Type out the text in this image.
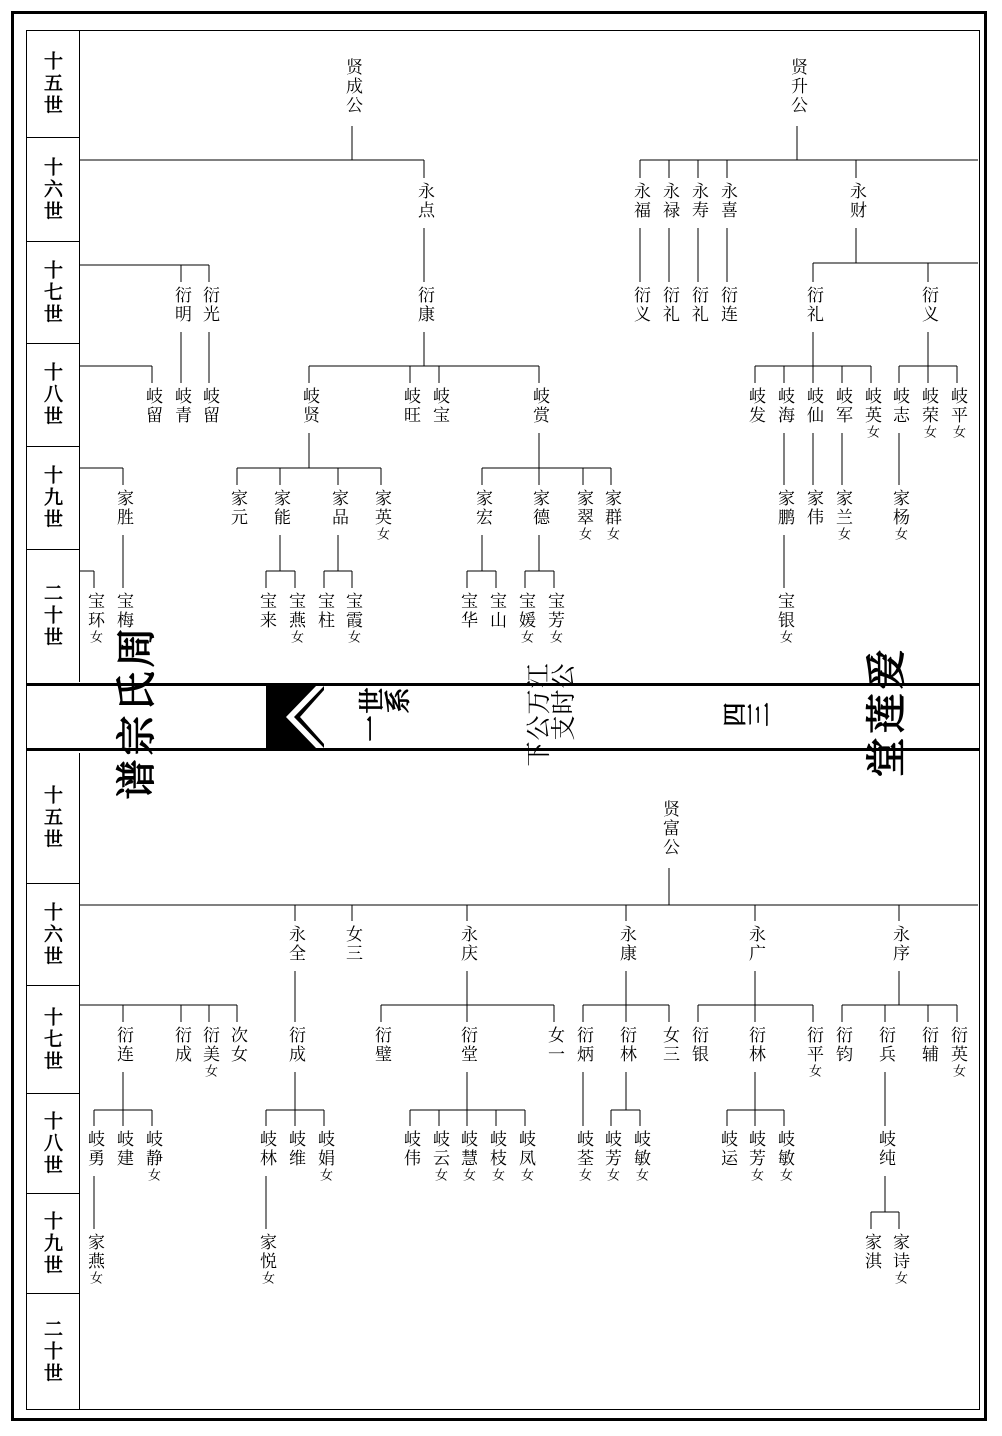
十五世
十六世
十七世
十八世
十九世
二十世
十五世
十六世
十七世
十八世
十九世
二十世
周氏宗谱
世系一
江公万时公支下
四三
爱莲堂
贤成公	贤升公
永点	永福 永禄 永寿 永喜	永财
衍明 衍光	衍康	衍义 衍礼 衍礼 衍连	衍礼	衍义
岐留 岐青 岐留	岐贤	岐旺 岐宝	岐赏	岐发 岐海 岐仙 岐军 岐英女
岐志 岐荣女
岐平女
家胜	家元 家能 家品 家英女
家宏 家德 家翠女
家群女
家鹏 家伟 家兰女
家杨女
宝环女
宝梅	宝来 宝燕女
宝柱 宝霞女
宝华 宝山 宝媛女
宝芳女
宝银女
贤富公
永全 女三	永庆	永康	永广	永序
衍连 衍成 衍美女
次女 衍成	衍璧	衍堂	女一 衍炳 衍林 女三 衍银 衍林 衍平女
衍钧 衍兵 衍辅 衍英女
岐勇 岐建 岐静女
岐林 岐维 岐娟女
岐伟 岐云女
岐慧女
岐枝女
岐凤女
岐荃女
岐芳女
岐敏女
岐运 岐芳女
岐敏女
岐纯
家燕女
家悦女
家淇 家诗女
